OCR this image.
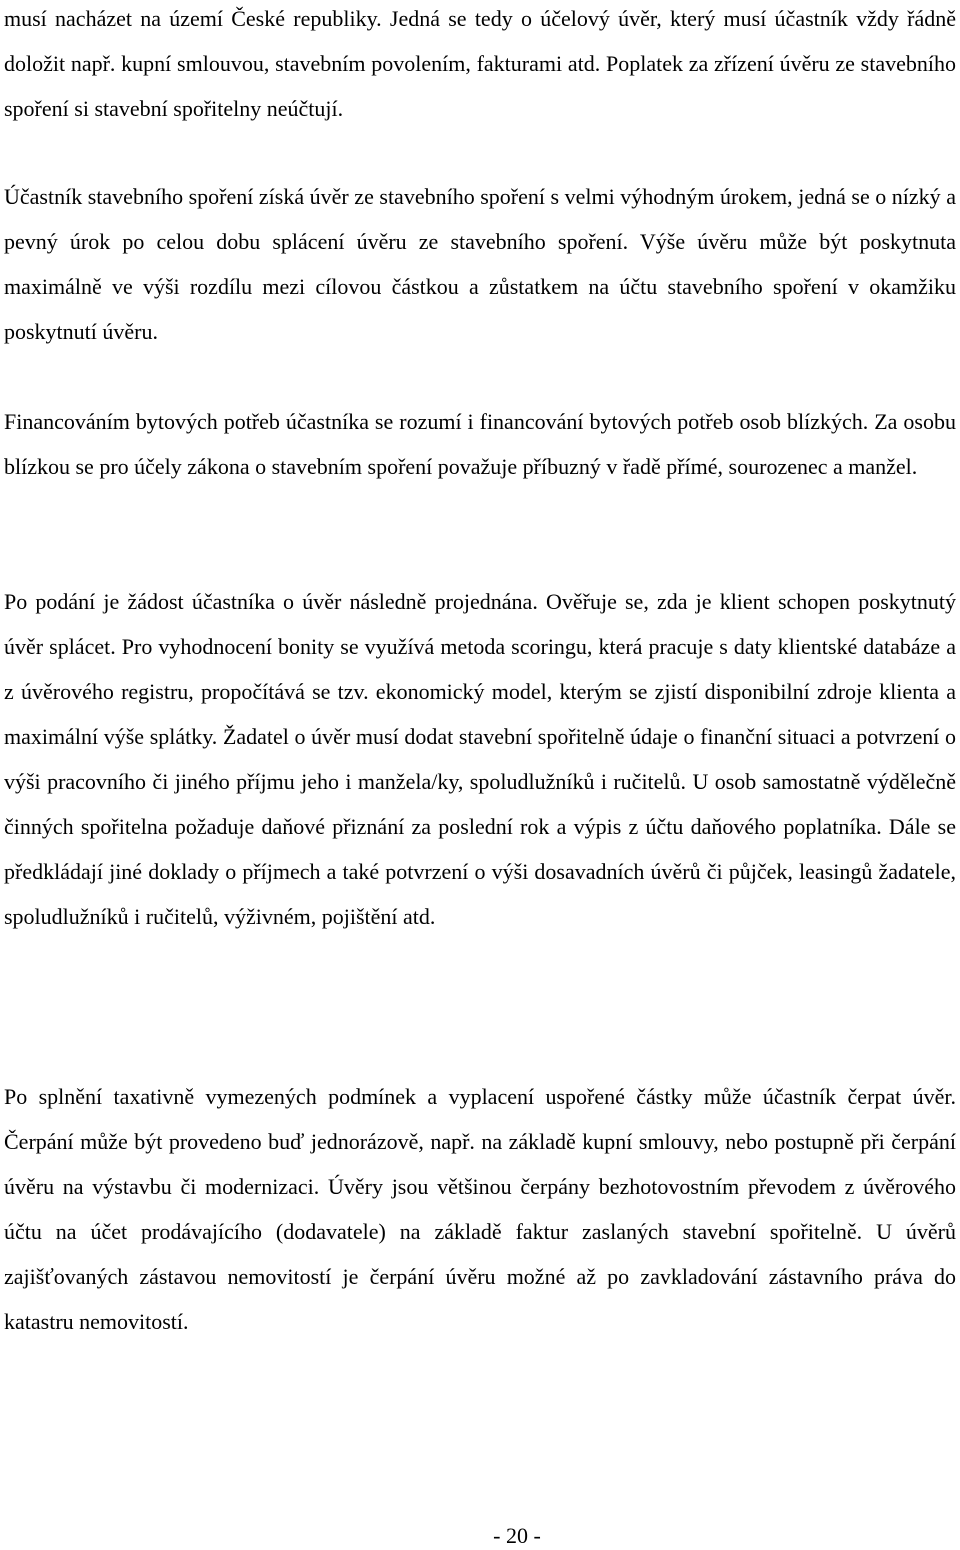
musí nacházet na území České republiky. Jedná se tedy o účelový úvěr, který musí účastník vždy řádně doložit např. kupní smlouvou, stavebním povolením, fakturami atd. Poplatek za zřízení úvěru ze stavebního spoření si stavební spořitelny neúčtují.

Účastník stavebního spoření získá úvěr ze stavebního spoření s velmi výhodným úrokem, jedná se o nízký a pevný úrok po celou dobu splácení úvěru ze stavebního spoření. Výše úvěru může být poskytnuta maximálně ve výši rozdílu mezi cílovou částkou a zůstatkem na účtu stavebního spoření v okamžiku poskytnutí úvěru.

Financováním bytových potřeb účastníka se rozumí i financování bytových potřeb osob blízkých. Za osobu blízkou se pro účely zákona o stavebním spoření považuje příbuzný v řadě přímé, sourozenec a manžel.

Po podání je žádost účastníka o úvěr následně projednána. Ověřuje se, zda je klient schopen poskytnutý úvěr splácet. Pro vyhodnocení bonity se využívá metoda scoringu, která pracuje s daty klientské databáze a z úvěrového registru, propočítává se tzv. ekonomický model, kterým se zjistí disponibilní zdroje klienta a maximální výše splátky. Žadatel o úvěr musí dodat stavební spořitelně údaje o finanční situaci a potvrzení o výši pracovního či jiného příjmu jeho i manžela/ky, spoludlužníků i ručitelů. U osob samostatně výdělečně činných spořitelna požaduje daňové přiznání za poslední rok a výpis z účtu daňového poplatníka. Dále se předkládají jiné doklady o příjmech a také potvrzení o výši dosavadních úvěrů či půjček, leasingů žadatele, spoludlužníků i ručitelů, výživném, pojištění atd.

Po splnění taxativně vymezených podmínek a vyplacení uspořené částky může účastník čerpat úvěr. Čerpání může být provedeno buď jednorázově, např. na základě kupní smlouvy, nebo postupně při čerpání úvěru na výstavbu či modernizaci. Úvěry jsou většinou čerpány bezhotovostním převodem z úvěrového účtu na účet prodávajícího (dodavatele) na základě faktur zaslaných stavební spořitelně. U úvěrů zajišťovaných zástavou nemovitostí je čerpání úvěru možné až po zavkladování zástavního práva do katastru nemovitostí.

- 20 -
